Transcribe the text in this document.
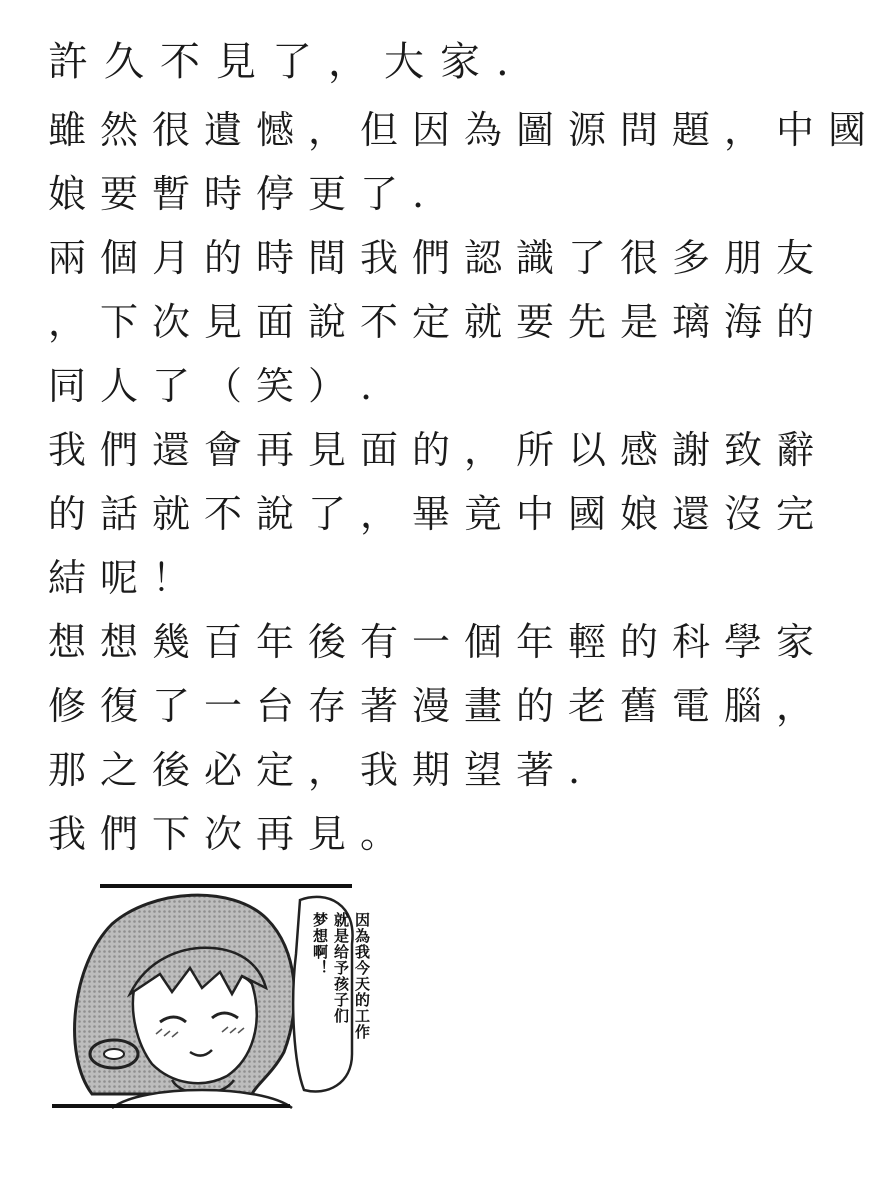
許久不見了，大家.
雖然很遺憾，但因為圖源問題，中國
娘要暫時停更了.
兩個月的時間我們認識了很多朋友
，下次見面說不定就要先是璃海的
同人了（笑）.
我們還會再見面的，所以感謝致辭
的話就不說了，畢竟中國娘還沒完
結呢！
想想幾百年後有一個年輕的科學家
修復了一台存著漫畫的老舊電腦，
那之後必定，我期望著.
我們下次再見。
因為我今天的工作
就是给予孩子们
梦想啊！
